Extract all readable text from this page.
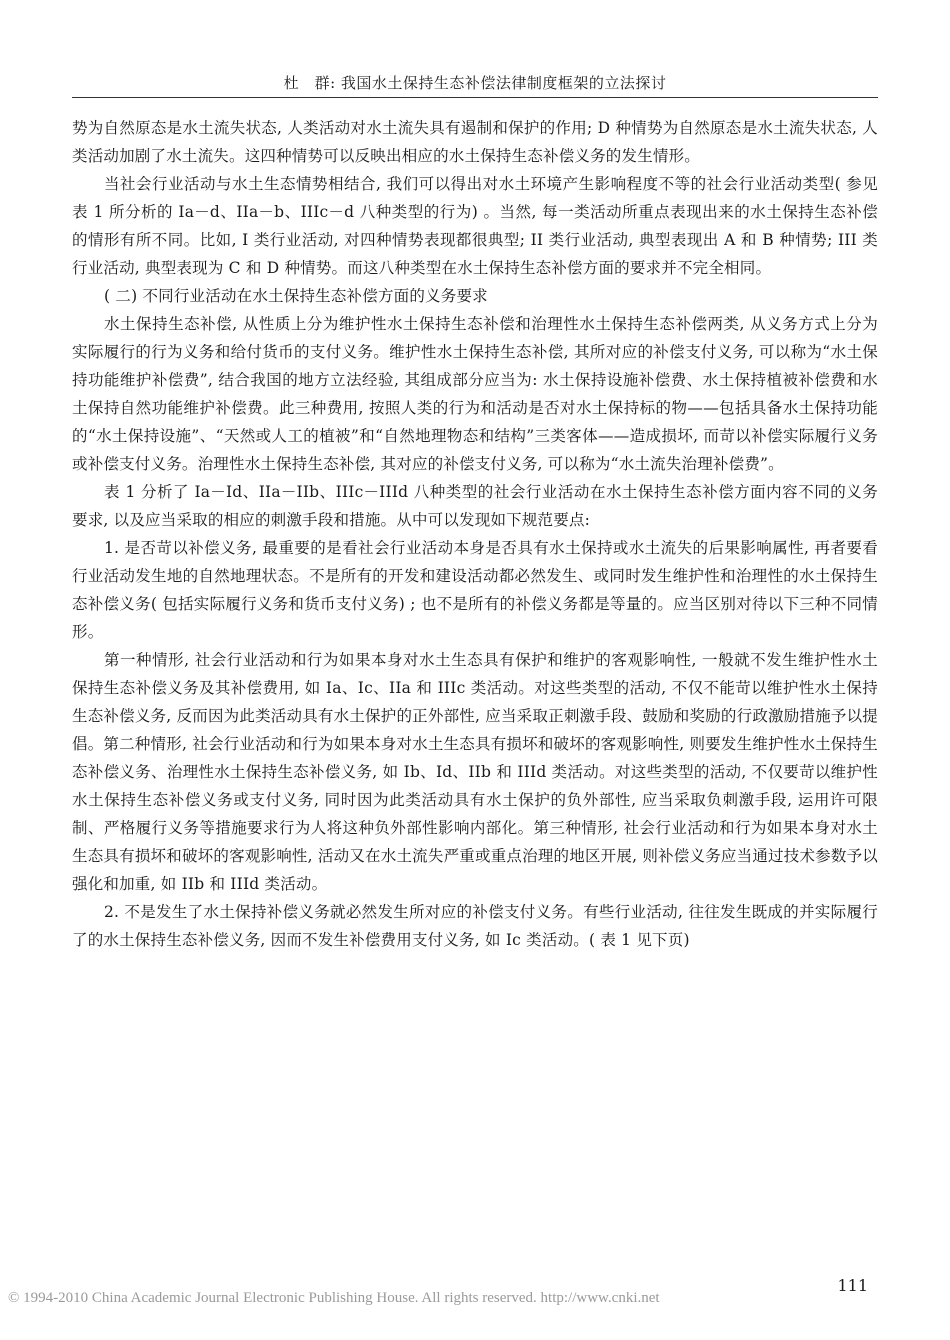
杜　群: 我国水土保持生态补偿法律制度框架的立法探讨

势为自然原态是水土流失状态, 人类活动对水土流失具有遏制和保护的作用; D 种情势为自然原态是水土流失状态, 人类活动加剧了水土流失。这四种情势可以反映出相应的水土保持生态补偿义务的发生情形。

当社会行业活动与水土生态情势相结合, 我们可以得出对水土环境产生影响程度不等的社会行业活动类型( 参见表 1 所分析的 Ia－d、IIa－b、IIIc－d 八种类型的行为) 。当然, 每一类活动所重点表现出来的水土保持生态补偿的情形有所不同。比如, I 类行业活动, 对四种情势表现都很典型; II 类行业活动, 典型表现出 A 和 B 种情势; III 类行业活动, 典型表现为 C 和 D 种情势。而这八种类型在水土保持生态补偿方面的要求并不完全相同。

( 二) 不同行业活动在水土保持生态补偿方面的义务要求

水土保持生态补偿, 从性质上分为维护性水土保持生态补偿和治理性水土保持生态补偿两类, 从义务方式上分为实际履行的行为义务和给付货币的支付义务。维护性水土保持生态补偿, 其所对应的补偿支付义务, 可以称为“水土保持功能维护补偿费”, 结合我国的地方立法经验, 其组成部分应当为: 水土保持设施补偿费、水土保持植被补偿费和水土保持自然功能维护补偿费。此三种费用, 按照人类的行为和活动是否对水土保持标的物——包括具备水土保持功能的“水土保持设施”、“天然或人工的植被”和“自然地理物态和结构”三类客体——造成损坏, 而苛以补偿实际履行义务或补偿支付义务。治理性水土保持生态补偿, 其对应的补偿支付义务, 可以称为“水土流失治理补偿费”。

表 1 分析了 Ia－Id、IIa－IIb、IIIc－IIId 八种类型的社会行业活动在水土保持生态补偿方面内容不同的义务要求, 以及应当采取的相应的刺激手段和措施。从中可以发现如下规范要点:

1. 是否苛以补偿义务, 最重要的是看社会行业活动本身是否具有水土保持或水土流失的后果影响属性, 再者要看行业活动发生地的自然地理状态。不是所有的开发和建设活动都必然发生、或同时发生维护性和治理性的水土保持生态补偿义务( 包括实际履行义务和货币支付义务) ; 也不是所有的补偿义务都是等量的。应当区别对待以下三种不同情形。

第一种情形, 社会行业活动和行为如果本身对水土生态具有保护和维护的客观影响性, 一般就不发生维护性水土保持生态补偿义务及其补偿费用, 如 Ia、Ic、IIa 和 IIIc 类活动。对这些类型的活动, 不仅不能苛以维护性水土保持生态补偿义务, 反而因为此类活动具有水土保护的正外部性, 应当采取正刺激手段、鼓励和奖励的行政激励措施予以提倡。第二种情形, 社会行业活动和行为如果本身对水土生态具有损坏和破坏的客观影响性, 则要发生维护性水土保持生态补偿义务、治理性水土保持生态补偿义务, 如 Ib、Id、IIb 和 IIId 类活动。对这些类型的活动, 不仅要苛以维护性水土保持生态补偿义务或支付义务, 同时因为此类活动具有水土保护的负外部性, 应当采取负刺激手段, 运用许可限制、严格履行义务等措施要求行为人将这种负外部性影响内部化。第三种情形, 社会行业活动和行为如果本身对水土生态具有损坏和破坏的客观影响性, 活动又在水土流失严重或重点治理的地区开展, 则补偿义务应当通过技术参数予以强化和加重, 如 IIb 和 IIId 类活动。

2. 不是发生了水土保持补偿义务就必然发生所对应的补偿支付义务。有些行业活动, 往往发生既成的并实际履行了的水土保持生态补偿义务, 因而不发生补偿费用支付义务, 如 Ic 类活动。( 表 1 见下页)

111
© 1994-2010 China Academic Journal Electronic Publishing House. All rights reserved. http://www.cnki.net
